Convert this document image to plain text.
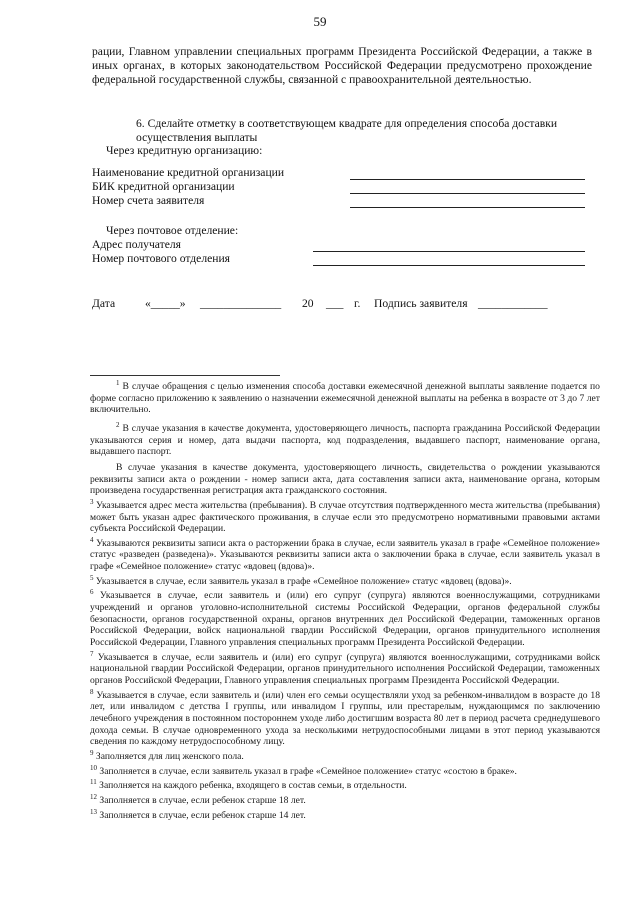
59
рации, Главном управлении специальных программ Президента Российской Федерации, а также в иных органах, в которых законодательством Российской Федерации предусмотрено прохождение федеральной государственной службы, связанной с правоохранительной деятельностью.
6. Сделайте отметку в соответствующем квадрате для определения способа доставки осуществления выплаты
Через кредитную организацию:
Наименование кредитной организации
БИК кредитной организации
Номер счета заявителя
Через почтовое отделение:
Адрес получателя
Номер почтового отделения
Дата	«_____» ______________ 20 ___ г. Подпись заявителя ____________

$^1$ В случае обращения с целью изменения способа доставки ежемесячной денежной выплаты заявление подается по форме согласно приложению к заявлению о назначении ежемесячной денежной выплаты на ребенка в возрасте от 3 до 7 лет включительно.

$^2$ В случае указания в качестве документа, удостоверяющего личность, паспорта гражданина Российской Федерации указываются серия и номер, дата выдачи паспорта, код подразделения, выдавшего паспорт, наименование органа, выдавшего паспорт.

В случае указания в качестве документа, удостоверяющего личность, свидетельства о рождении указываются реквизиты записи акта о рождении - номер записи акта, дата составления записи акта, наименование органа, которым произведена государственная регистрация акта гражданского состояния.

$^3$ Указывается адрес места жительства (пребывания). В случае отсутствия подтвержденного места жительства (пребывания) может быть указан адрес фактического проживания, в случае если это предусмотрено нормативными правовыми актами субъекта Российской Федерации.

$^4$ Указываются реквизиты записи акта о расторжении брака в случае, если заявитель указал в графе «Семейное положение» статус «разведен (разведена)». Указываются реквизиты записи акта о заключении брака в случае, если заявитель указал в графе «Семейное положение» статус «вдовец (вдова)».

$^5$ Указывается в случае, если заявитель указал в графе «Семейное положение» статус «вдовец (вдова)».

$^6$ Указывается в случае, если заявитель и (или) его супруг (супруга) являются военнослужащими, сотрудниками учреждений и органов уголовно-исполнительной системы Российской Федерации, органов федеральной службы безопасности, органов государственной охраны, органов внутренних дел Российской Федерации, таможенных органов Российской Федерации, войск национальной гвардии Российской Федерации, органов принудительного исполнения Российской Федерации, Главного управления специальных программ Президента Российской Федерации.

$^7$ Указывается в случае, если заявитель и (или) его супруг (супруга) являются военнослужащими, сотрудниками войск национальной гвардии Российской Федерации, органов принудительного исполнения Российской Федерации, таможенных органов Российской Федерации, Главного управления специальных программ Президента Российской Федерации.

$^8$ Указывается в случае, если заявитель и (или) член его семьи осуществляли уход за ребенком-инвалидом в возрасте до 18 лет, или инвалидом с детства I группы, или инвалидом I группы, или престарелым, нуждающимся по заключению лечебного учреждения в постоянном постороннем уходе либо достигшим возраста 80 лет в период расчета среднедушевого дохода семьи. В случае одновременного ухода за несколькими нетрудоспособными лицами в этот период указываются сведения по каждому нетрудоспособному лицу.

$^9$ Заполняется для лиц женского пола.

$^{10}$ Заполняется в случае, если заявитель указал в графе «Семейное положение» статус «состою в браке».

$^{11}$ Заполняется на каждого ребенка, входящего в состав семьи, в отдельности.

$^{12}$ Заполняется в случае, если ребенок старше 18 лет.

$^{13}$ Заполняется в случае, если ребенок старше 14 лет.
